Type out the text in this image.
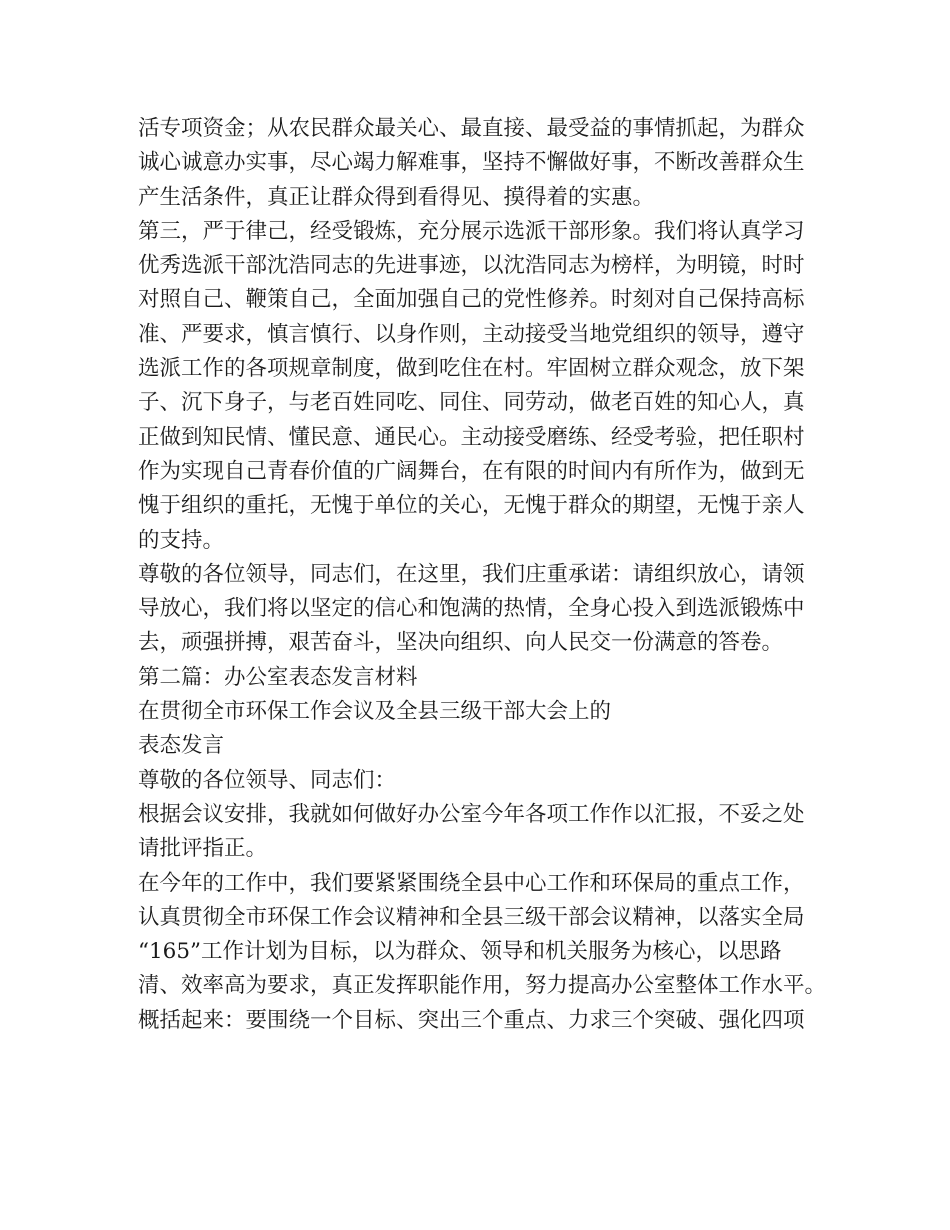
活专项资金；从农民群众最关心、最直接、最受益的事情抓起，为群众
诚心诚意办实事，尽心竭力解难事，坚持不懈做好事，不断改善群众生
产生活条件，真正让群众得到看得见、摸得着的实惠。
第三，严于律己，经受锻炼，充分展示选派干部形象。我们将认真学习
优秀选派干部沈浩同志的先进事迹，以沈浩同志为榜样，为明镜，时时
对照自己、鞭策自己，全面加强自己的党性修养。时刻对自己保持高标
准、严要求，慎言慎行、以身作则，主动接受当地党组织的领导，遵守
选派工作的各项规章制度，做到吃住在村。牢固树立群众观念，放下架
子、沉下身子，与老百姓同吃、同住、同劳动，做老百姓的知心人，真
正做到知民情、懂民意、通民心。主动接受磨练、经受考验，把任职村
作为实现自己青春价值的广阔舞台，在有限的时间内有所作为，做到无
愧于组织的重托，无愧于单位的关心，无愧于群众的期望，无愧于亲人
的支持。
尊敬的各位领导，同志们，在这里，我们庄重承诺：请组织放心，请领
导放心，我们将以坚定的信心和饱满的热情，全身心投入到选派锻炼中
去，顽强拼搏，艰苦奋斗，坚决向组织、向人民交一份满意的答卷。
第二篇：办公室表态发言材料
在贯彻全市环保工作会议及全县三级干部大会上的
表态发言
尊敬的各位领导、同志们：
根据会议安排，我就如何做好办公室今年各项工作作以汇报，不妥之处
请批评指正。
在今年的工作中，我们要紧紧围绕全县中心工作和环保局的重点工作，
认真贯彻全市环保工作会议精神和全县三级干部会议精神，以落实全局
“165”工作计划为目标，以为群众、领导和机关服务为核心，以思路
清、效率高为要求，真正发挥职能作用，努力提高办公室整体工作水平。
概括起来：要围绕一个目标、突出三个重点、力求三个突破、强化四项
